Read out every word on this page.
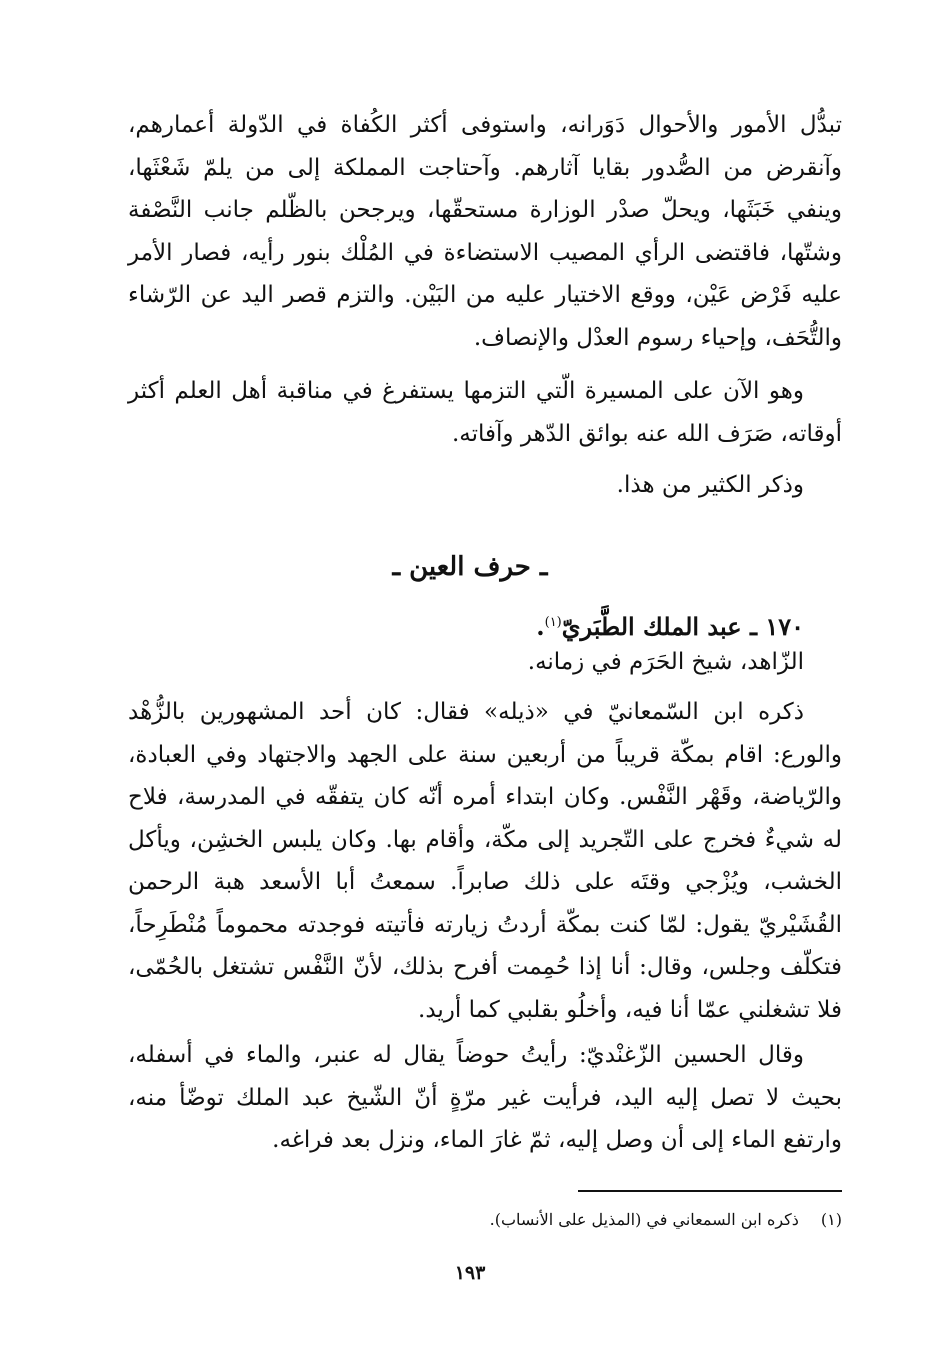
تبدُّل الأمور والأحوال دَوَرانه، واستوفى أكثر الكُفاة في الدّولة أعمارهم، وآنقرض من الصُّدور بقايا آثارهم. وآحتاجت المملكة إلى من يلمّ شَعْثَها، وينفي خَبَثَها، ويحلّ صدْر الوزارة مستحقّها، ويرجحن بالظّلم جانب النَّصْفة وشتّها، فاقتضى الرأي المصيب الاستضاءة في المُلْك بنور رأيه، فصار الأمر عليه فَرْض عَيْن، ووقع الاختيار عليه من البَيْن. والتزم قصر اليد عن الرّشاء والتُّحَف، وإحياء رسوم العدْل والإنصاف.

وهو الآن على المسيرة الّتي التزمها يستفرغ في مناقبة أهل العلم أكثر أوقاته، صَرَف الله عنه بوائق الدّهر وآفاته.

وذكر الكثير من هذا.

ـ حرف العين ـ

١٧٠ ـ عبد الملك الطَّبَريّ$^{(١)}$.

الزّاهد، شيخ الحَرَم في زمانه.

ذكره ابن السّمعانيّ في «ذيله» فقال: كان أحد المشهورين بالزُّهْد والورع: اقام بمكّة قريباً من أربعين سنة على الجهد والاجتهاد وفي العبادة، والرّياضة، وقَهْر النَّفْس. وكان ابتداء أمره أنّه كان يتفقّه في المدرسة، فلاح له شيءٌ فخرج على التّجريد إلى مكّة، وأقام بها. وكان يلبس الخشِن، ويأكل الخشب، ويُزْجي وقتَه على ذلك صابراً. سمعتُ أبا الأسعد هبة الرحمن القُشَيْريّ يقول: لمّا كنت بمكّة أردتُ زيارته فأتيته فوجدته محموماً مُنْطَرِحاً، فتكلّف وجلس، وقال: أنا إذا حُمِمت أفرح بذلك، لأنّ النَّفْس تشتغل بالحُمّى، فلا تشغلني عمّا أنا فيه، وأخلُو بقلبي كما أريد.

وقال الحسين الزّغنْديّ: رأيتُ حوضاً يقال له عنبر، والماء في أسفله، بحيث لا تصل إليه اليد، فرأيت غير مرّةٍ أنّ الشّيخ عبد الملك توضّأ منه، وارتفع الماء إلى أن وصل إليه، ثمّ غارَ الماء، ونزل بعد فراغه.

(١)ذكره ابن السمعاني في (المذيل على الأنساب).

١٩٣
